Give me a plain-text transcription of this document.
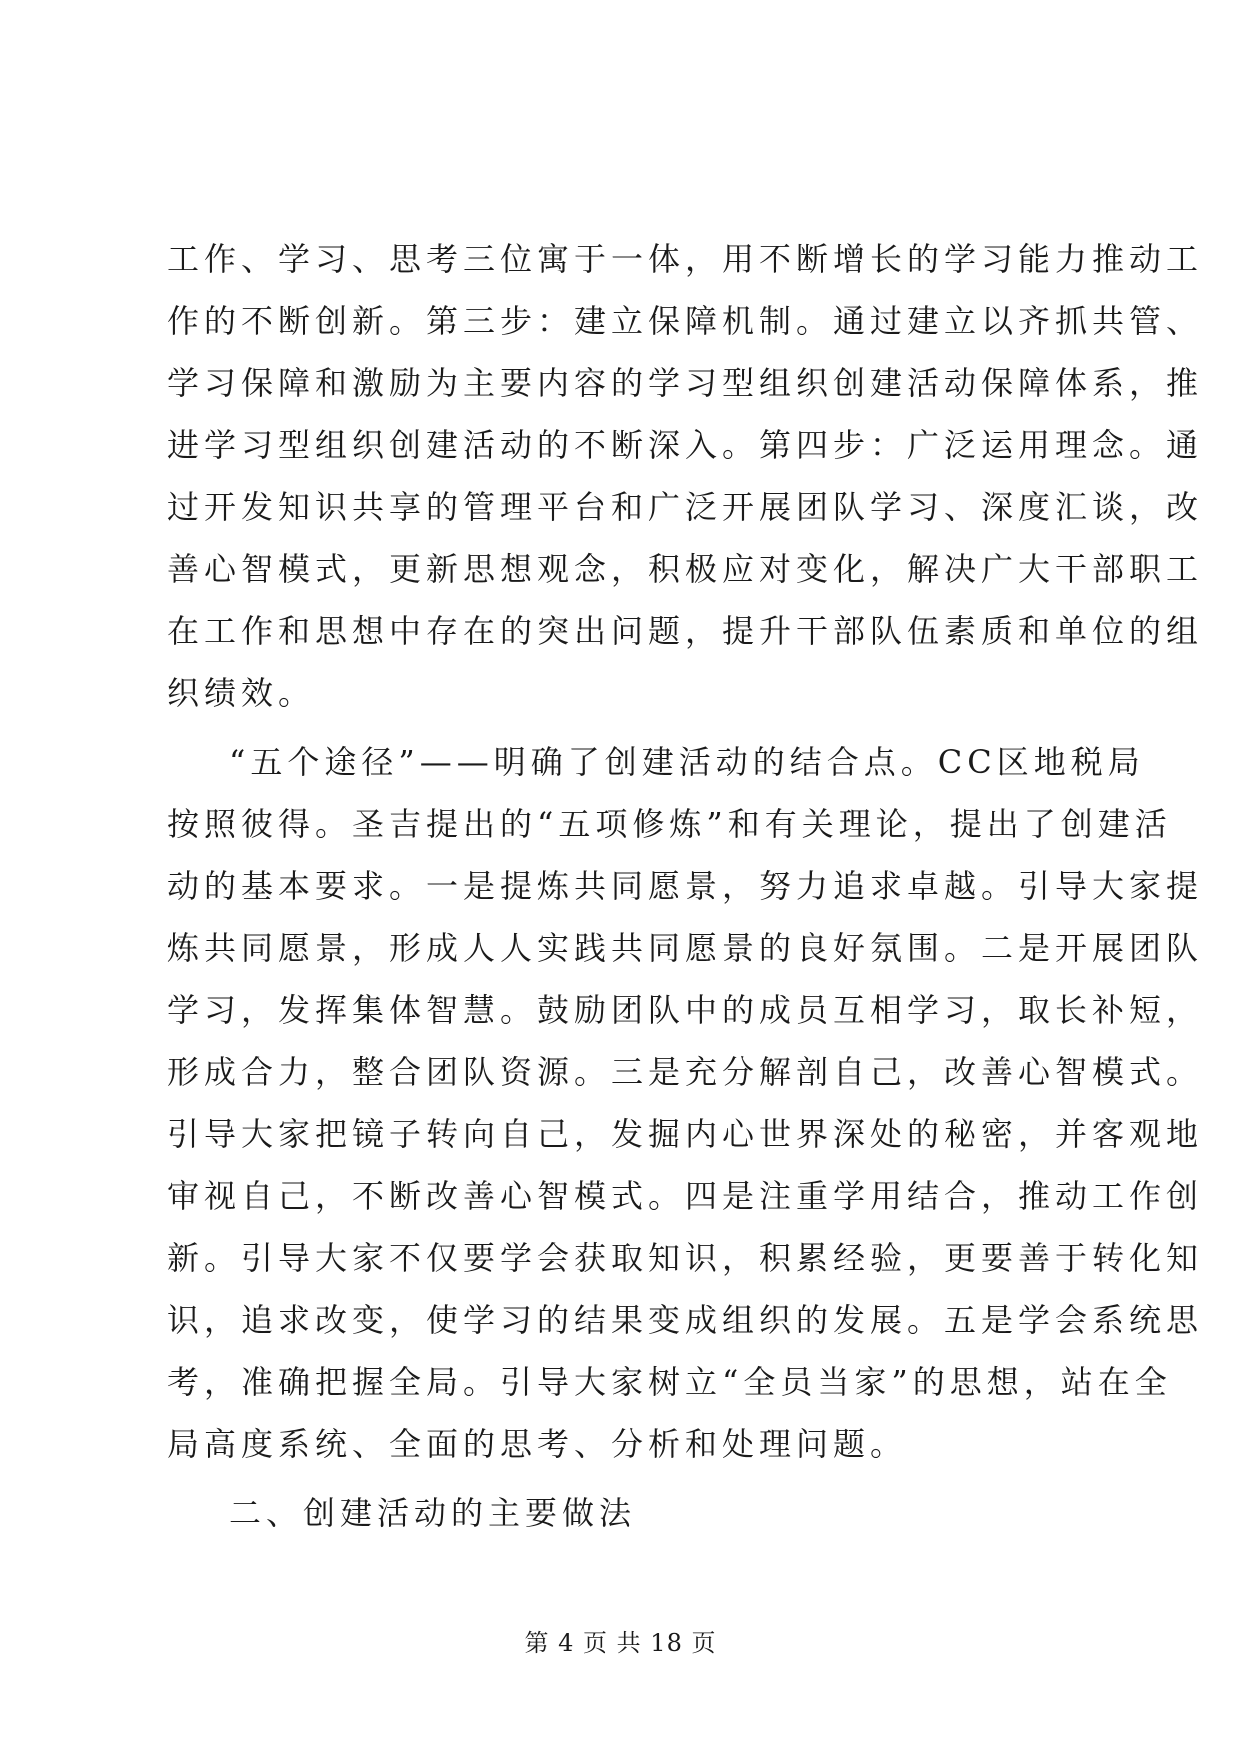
工作、学习、思考三位寓于一体，用不断增长的学习能力推动工
作的不断创新。第三步：建立保障机制。通过建立以齐抓共管、
学习保障和激励为主要内容的学习型组织创建活动保障体系，推
进学习型组织创建活动的不断深入。第四步：广泛运用理念。通
过开发知识共享的管理平台和广泛开展团队学习、深度汇谈，改
善心智模式，更新思想观念，积极应对变化，解决广大干部职工
在工作和思想中存在的突出问题，提升干部队伍素质和单位的组
织绩效。
“五个途径”——明确了创建活动的结合点。CC区地税局
按照彼得。圣吉提出的“五项修炼”和有关理论，提出了创建活
动的基本要求。一是提炼共同愿景，努力追求卓越。引导大家提
炼共同愿景，形成人人实践共同愿景的良好氛围。二是开展团队
学习，发挥集体智慧。鼓励团队中的成员互相学习，取长补短，
形成合力，整合团队资源。三是充分解剖自己，改善心智模式。
引导大家把镜子转向自己，发掘内心世界深处的秘密，并客观地
审视自己，不断改善心智模式。四是注重学用结合，推动工作创
新。引导大家不仅要学会获取知识，积累经验，更要善于转化知
识，追求改变，使学习的结果变成组织的发展。五是学会系统思
考，准确把握全局。引导大家树立“全员当家”的思想，站在全
局高度系统、全面的思考、分析和处理问题。
二、创建活动的主要做法
第 4 页 共 18 页
